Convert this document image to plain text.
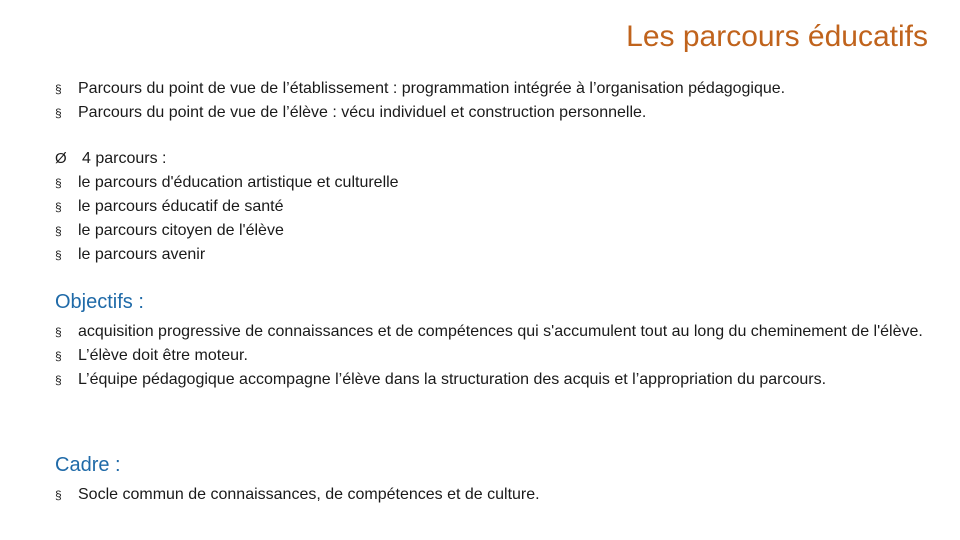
Les parcours éducatifs
§ Parcours du point de vue de l’établissement : programmation intégrée à l’organisation pédagogique.
§ Parcours du point de vue de l’élève : vécu individuel et construction personnelle.
Ø 4 parcours :
§ le parcours d'éducation artistique et culturelle
§ le parcours éducatif de santé
§ le parcours citoyen de l'élève
§ le parcours avenir
Objectifs :
§ acquisition progressive de connaissances et de compétences qui s'accumulent tout au long du cheminement de l'élève.
§ L’élève doit être moteur.
§ L’équipe pédagogique accompagne l’élève dans la structuration des acquis et l’appropriation du parcours.
Cadre :
§ Socle commun de connaissances, de compétences et de culture.
